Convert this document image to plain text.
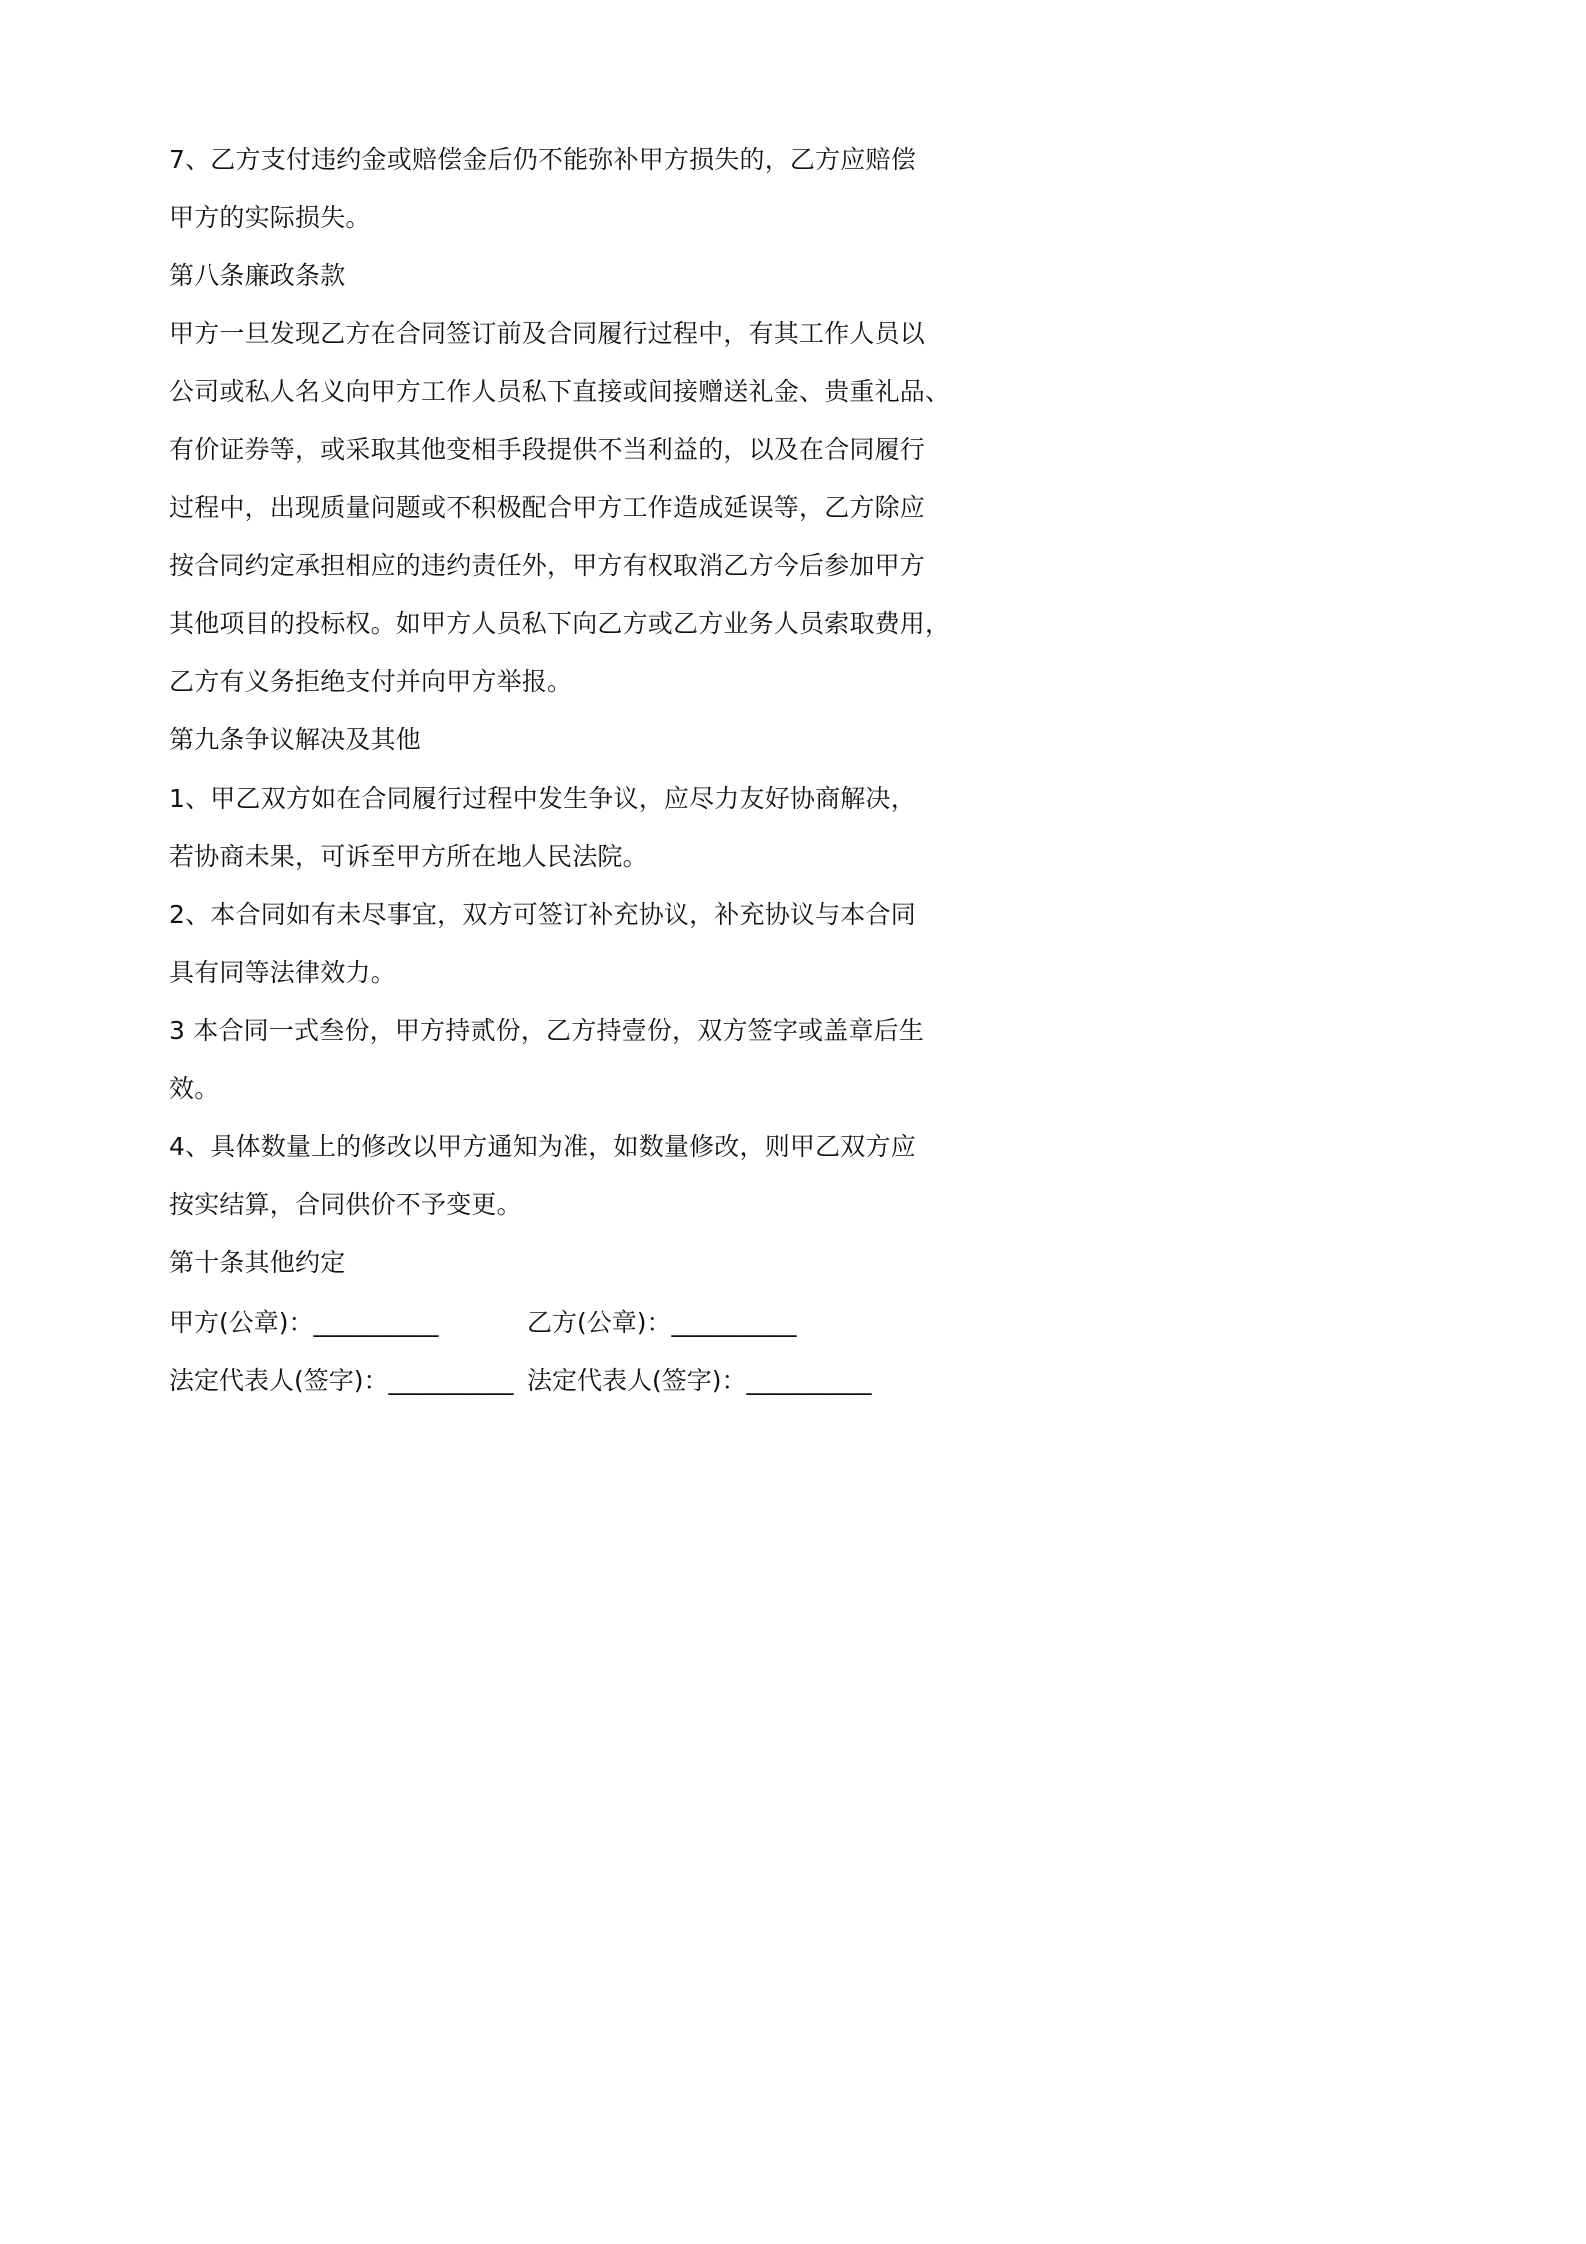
7、乙方支付违约金或赔偿金后仍不能弥补甲方损失的，乙方应赔偿
甲方的实际损失。
第八条廉政条款
甲方一旦发现乙方在合同签订前及合同履行过程中，有其工作人员以
公司或私人名义向甲方工作人员私下直接或间接赠送礼金、贵重礼品、
有价证券等，或采取其他变相手段提供不当利益的，以及在合同履行
过程中，出现质量问题或不积极配合甲方工作造成延误等，乙方除应
按合同约定承担相应的违约责任外，甲方有权取消乙方今后参加甲方
其他项目的投标权。如甲方人员私下向乙方或乙方业务人员索取费用，
乙方有义务拒绝支付并向甲方举报。
第九条争议解决及其他
1、甲乙双方如在合同履行过程中发生争议，应尽力友好协商解决，
若协商未果，可诉至甲方所在地人民法院。
2、本合同如有未尽事宜，双方可签订补充协议，补充协议与本合同
具有同等法律效力。
3 本合同一式叁份，甲方持贰份，乙方持壹份，双方签字或盖章后生
效。
4、具体数量上的修改以甲方通知为准，如数量修改，则甲乙双方应
按实结算，合同供价不予变更。
第十条其他约定
甲方(公章)：__________	乙方(公章)：__________
法定代表人(签字)：__________ 法定代表人(签字)：__________
